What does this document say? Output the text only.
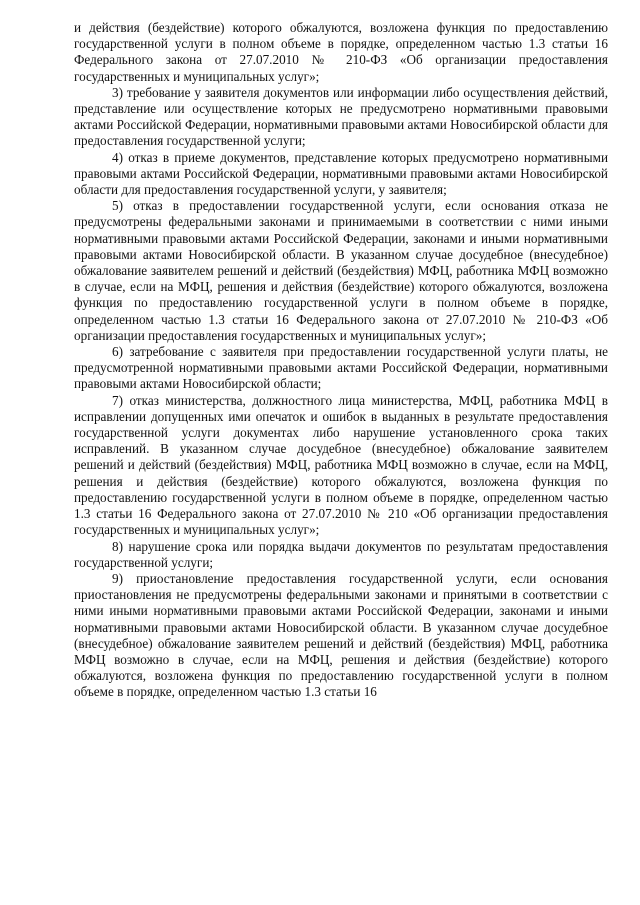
и действия (бездействие) которого обжалуются, возложена функция по предоставлению государственной услуги в полном объеме в порядке, определенном частью 1.3 статьи 16 Федерального закона от 27.07.2010 № 210-ФЗ «Об организации предоставления государственных и муниципальных услуг»;

3) требование у заявителя документов или информации либо осуществления действий, представление или осуществление которых не предусмотрено нормативными правовыми актами Российской Федерации, нормативными правовыми актами Новосибирской области для предоставления государственной услуги;

4) отказ в приеме документов, представление которых предусмотрено нормативными правовыми актами Российской Федерации, нормативными правовыми актами Новосибирской области для предоставления государственной услуги, у заявителя;

5) отказ в предоставлении государственной услуги, если основания отказа не предусмотрены федеральными законами и принимаемыми в соответствии с ними иными нормативными правовыми актами Российской Федерации, законами и иными нормативными правовыми актами Новосибирской области. В указанном случае досудебное (внесудебное) обжалование заявителем решений и действий (бездействия) МФЦ, работника МФЦ возможно в случае, если на МФЦ, решения и действия (бездействие) которого обжалуются, возложена функция по предоставлению государственной услуги в полном объеме в порядке, определенном частью 1.3 статьи 16 Федерального закона от 27.07.2010 № 210-ФЗ «Об организации предоставления государственных и муниципальных услуг»;

6) затребование с заявителя при предоставлении государственной услуги платы, не предусмотренной нормативными правовыми актами Российской Федерации, нормативными правовыми актами Новосибирской области;

7) отказ министерства, должностного лица министерства, МФЦ, работника МФЦ в исправлении допущенных ими опечаток и ошибок в выданных в результате предоставления государственной услуги документах либо нарушение установленного срока таких исправлений. В указанном случае досудебное (внесудебное) обжалование заявителем решений и действий (бездействия) МФЦ, работника МФЦ возможно в случае, если на МФЦ, решения и действия (бездействие) которого обжалуются, возложена функция по предоставлению государственной услуги в полном объеме в порядке, определенном частью 1.3 статьи 16 Федерального закона от 27.07.2010 № 210 «Об организации предоставления государственных и муниципальных услуг»;

8) нарушение срока или порядка выдачи документов по результатам предоставления государственной услуги;

9) приостановление предоставления государственной услуги, если основания приостановления не предусмотрены федеральными законами и принятыми в соответствии с ними иными нормативными правовыми актами Российской Федерации, законами и иными нормативными правовыми актами Новосибирской области. В указанном случае досудебное (внесудебное) обжалование заявителем решений и действий (бездействия) МФЦ, работника МФЦ возможно в случае, если на МФЦ, решения и действия (бездействие) которого обжалуются, возложена функция по предоставлению государственной услуги в полном объеме в порядке, определенном частью 1.3 статьи 16
